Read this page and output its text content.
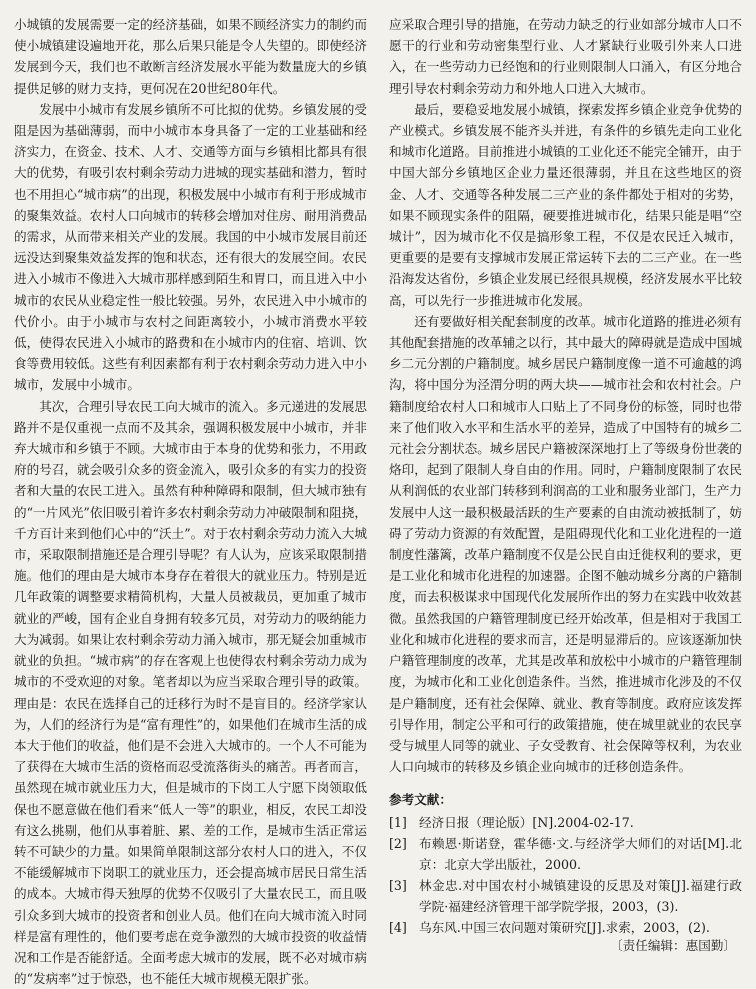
小城镇的发展需要一定的经济基础，如果不顾经济实力的制约而使小城镇建设遍地开花，那么后果只能是令人失望的。即使经济发展到今天，我们也不敢断言经济发展水平能为数量庞大的乡镇提供足够的财力支持，更何况在20世纪80年代。

发展中小城市有发展乡镇所不可比拟的优势。乡镇发展的受阻是因为基础薄弱，而中小城市本身具备了一定的工业基础和经济实力，在资金、技术、人才、交通等方面与乡镇相比都具有很大的优势，有吸引农村剩余劳动力进城的现实基础和潜力，暂时也不用担心“城市病”的出现，积极发展中小城市有利于形成城市的聚集效益。农村人口向城市的转移会增加对住房、耐用消费品的需求，从而带来相关产业的发展。我国的中小城市发展目前还远没达到聚集效益发挥的饱和状态，还有很大的发展空间。农民进入小城市不像进入大城市那样感到陌生和胃口，而且进入中小城市的农民从业稳定性一般比较强。另外，农民进入中小城市的代价小。由于小城市与农村之间距离较小，小城市消费水平较低，使得农民进入小城市的路费和在小城市内的住宿、培训、饮食等费用较低。这些有利因素都有利于农村剩余劳动力进入中小城市，发展中小城市。

其次，合理引导农民工向大城市的流入。多元递进的发展思路并不是仅重视一点而不及其余，强调积极发展中小城市，并非弃大城市和乡镇于不顾。大城市由于本身的优势和张力，不用政府的号召，就会吸引众多的资金流入，吸引众多的有实力的投资者和大量的农民工进入。虽然有种种障碍和限制，但大城市独有的“一片风光”依旧吸引着许多农村剩余劳动力冲破限制和阻挠，千方百计来到他们心中的“沃土”。对于农村剩余劳动力流入大城市，采取限制措施还是合理引导呢？有人认为，应该采取限制措施。他们的理由是大城市本身存在着很大的就业压力。特别是近几年政策的调整要求精简机构，大量人员被裁员，更加重了城市就业的严峻，国有企业自身拥有较多冗员，对劳动力的吸纳能力大为减弱。如果让农村剩余劳动力涌入城市，那无疑会加重城市就业的负担。“城市病”的存在客观上也使得农村剩余劳动力成为城市的不受欢迎的对象。笔者却以为应当采取合理引导的政策。理由是：农民在选择自己的迁移行为时不是盲目的。经济学家认为，人们的经济行为是“富有理性”的，如果他们在城市生活的成本大于他们的收益，他们是不会进入大城市的。一个人不可能为了获得在大城市生活的资格而忍受流落街头的痛苦。再者而言，虽然现在城市就业压力大，但是城市的下岗工人宁愿下岗领取低保也不愿意做在他们看来“低人一等”的职业，相反，农民工却没有这么挑剔，他们从事着脏、累、差的工作，是城市生活正常运转不可缺少的力量。如果简单限制这部分农村人口的进入，不仅不能缓解城市下岗职工的就业压力，还会提高城市居民日常生活的成本。大城市得天独厚的优势不仅吸引了大量农民工，而且吸引众多到大城市的投资者和创业人员。他们在向大城市流入时同样是富有理性的，他们要考虑在竞争激烈的大城市投资的收益情况和工作是否能舒适。全面考虑大城市的发展，既不必对城市病的“发病率”过于惊恐，也不能任大城市规模无限扩张。

应采取合理引导的措施，在劳动力缺乏的行业如部分城市人口不愿干的行业和劳动密集型行业、人才紧缺行业吸引外来人口进入，在一些劳动力已经饱和的行业则限制人口涌入，有区分地合理引导农村剩余劳动力和外地人口进入大城市。

最后，要稳妥地发展小城镇，探索发挥乡镇企业竞争优势的产业模式。乡镇发展不能齐头并进，有条件的乡镇先走向工业化和城市化道路。目前推进小城镇的工业化还不能完全铺开，由于中国大部分乡镇地区企业力量还很薄弱，并且在这些地区的资金、人才、交通等各种发展二三产业的条件都处于相对的劣势，如果不顾现实条件的阻隔，硬要推进城市化，结果只能是唱“空城计”，因为城市化不仅是搞形象工程，不仅是农民迁入城市，更重要的是要有支撑城市发展正常运转下去的二三产业。在一些沿海发达省份，乡镇企业发展已经很具规模，经济发展水平比较高，可以先行一步推进城市化发展。

还有要做好相关配套制度的改革。城市化道路的推进必须有其他配套措施的改革辅之以行，其中最大的障碍就是造成中国城乡二元分割的户籍制度。城乡居民户籍制度像一道不可逾越的鸿沟，将中国分为泾渭分明的两大块——城市社会和农村社会。户籍制度给农村人口和城市人口贴上了不同身份的标签，同时也带来了他们收入水平和生活水平的差异，造成了中国特有的城乡二元社会分割状态。城乡居民户籍被深深地打上了等级身份世袭的烙印，起到了限制人身自由的作用。同时，户籍制度限制了农民从利润低的农业部门转移到利润高的工业和服务业部门，生产力发展中人这一最积极最活跃的生产要素的自由流动被抵制了，妨碍了劳动力资源的有效配置，是阻碍现代化和工业化进程的一道制度性藩篱，改革户籍制度不仅是公民自由迁徙权利的要求，更是工业化和城市化进程的加速器。企图不触动城乡分离的户籍制度，而去积极谋求中国现代化发展所作出的努力在实践中收效甚微。虽然我国的户籍管理制度已经开始改革，但是相对于我国工业化和城市化进程的要求而言，还是明显滞后的。应该逐渐加快户籍管理制度的改革，尤其是改革和放松中小城市的户籍管理制度，为城市化和工业化创造条件。当然，推进城市化涉及的不仅是户籍制度，还有社会保障、就业、教育等制度。政府应该发挥引导作用，制定公平和可行的政策措施，使在城里就业的农民享受与城里人同等的就业、子女受教育、社会保障等权利，为农业人口向城市的转移及乡镇企业向城市的迁移创造条件。

参考文献：
[1] 经济日报（理论版）[N].2004-02-17.
[2] 布赖恩·斯诺登，霍华德·文.与经济学大师们的对话[M].北京：北京大学出版社，2000.
[3] 林金忠.对中国农村小城镇建设的反思及对策[J].福建行政学院·福建经济管理干部学院学报，2003，(3).
[4] 乌东风.中国三农问题对策研究[J].求索，2003，(2).
〔责任编辑：惠国勤〕
